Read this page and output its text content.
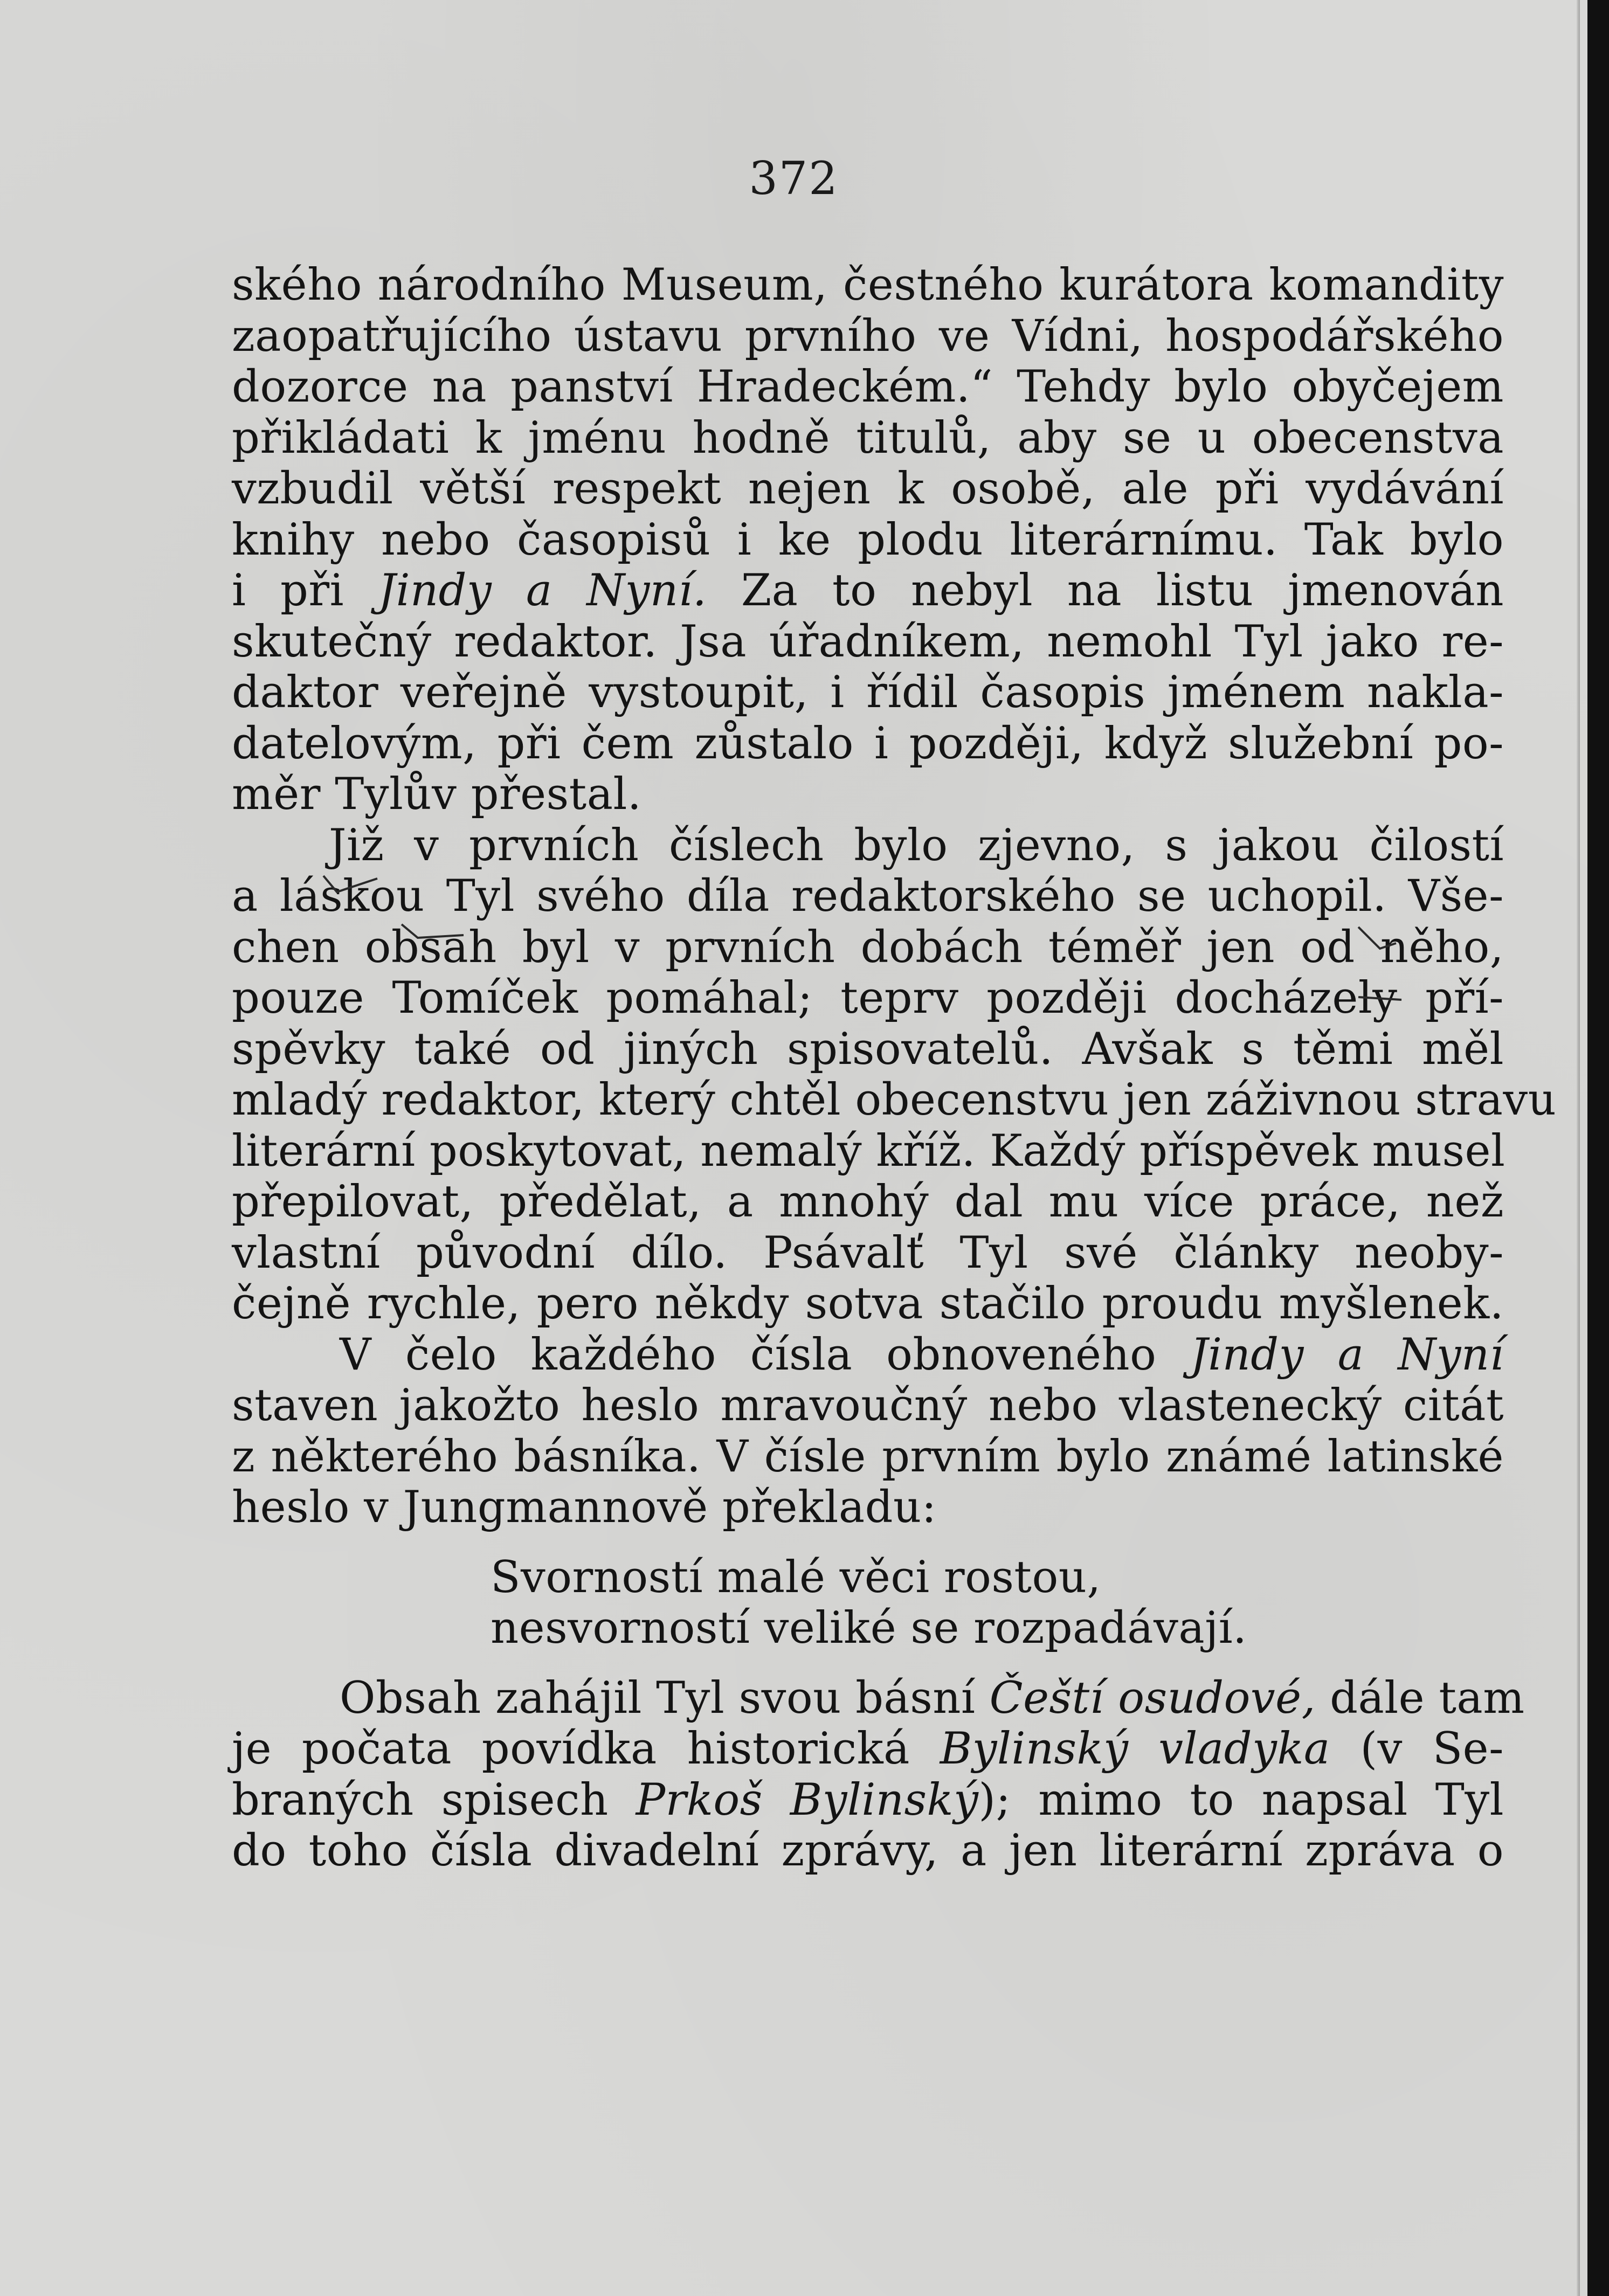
372
ského národního Museum, čestného kurátora komandity
zaopatřujícího ústavu prvního ve Vídni, hospodářského
dozorce na panství Hradeckém.“ Tehdy bylo obyčejem
přikládati k jménu hodně titulů, aby se u obecenstva
vzbudil větší respekt nejen k osobě, ale při vydávání
knihy nebo časopisů i ke plodu literárnímu. Tak bylo
i při Jindy a Nyní. Za to nebyl na listu jmenován
skutečný redaktor. Jsa úřadníkem, nemohl Tyl jako re-
daktor veřejně vystoupit, i řídil časopis jménem nakla-
datelovým, při čem zůstalo i později, když služební po-
měr Tylův přestal.
Již v prvních číslech bylo zjevno, s jakou čilostí
a láskou Tyl svého díla redaktorského se uchopil. Vše-
chen obsah byl v prvních dobách téměř jen od něho,
pouze Tomíček pomáhal; teprv později docházely pří-
spěvky také od jiných spisovatelů. Avšak s těmi měl
mladý redaktor, který chtěl obecenstvu jen záživnou stravu
literární poskytovat, nemalý kříž. Každý příspěvek musel
přepilovat, předělat, a mnohý dal mu více práce, než
vlastní původní dílo. Psávalť Tyl své články neoby-
čejně rychle, pero někdy sotva stačilo proudu myšlenek.
V čelo každého čísla obnoveného Jindy a Nyní
staven jakožto heslo mravoučný nebo vlastenecký citát
z některého básníka. V čísle prvním bylo známé latinské
heslo v Jungmannově překladu:
Svorností malé věci rostou,
nesvorností veliké se rozpadávají.
Obsah zahájil Tyl svou básní Čeští osudové, dále tam
je počata povídka historická Bylinský vladyka (v Se-
braných spisech Prkoš Bylinský); mimo to napsal Tyl
do toho čísla divadelní zprávy, a jen literární zpráva o
